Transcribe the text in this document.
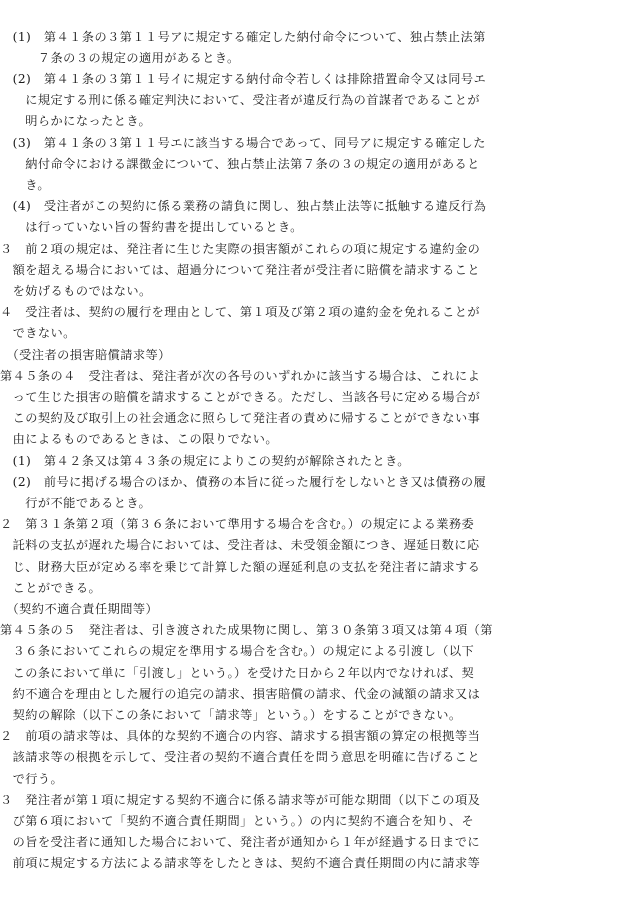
　(1)　第４１条の３第１１号アに規定する確定した納付命令について、独占禁止法第
　　　７条の３の規定の適用があるとき。
　(2)　第４１条の３第１１号イに規定する納付命令若しくは排除措置命令又は同号エ
　　に規定する刑に係る確定判決において、受注者が違反行為の首謀者であることが
　　明らかになったとき。
　(3)　第４１条の３第１１号エに該当する場合であって、同号アに規定する確定した
　　納付命令における課徴金について、独占禁止法第７条の３の規定の適用があると
　　き。
　(4)　受注者がこの契約に係る業務の請負に関し、独占禁止法等に抵触する違反行為
　　は行っていない旨の誓約書を提出しているとき。
３　前２項の規定は、発注者に生じた実際の損害額がこれらの項に規定する違約金の
　額を超える場合においては、超過分について発注者が受注者に賠償を請求すること
　を妨げるものではない。
４　受注者は、契約の履行を理由として、第１項及び第２項の違約金を免れることが
　できない。
　（受注者の損害賠償請求等）
第４５条の４　受注者は、発注者が次の各号のいずれかに該当する場合は、これによ
　って生じた損害の賠償を請求することができる。ただし、当該各号に定める場合が
　この契約及び取引上の社会通念に照らして発注者の責めに帰することができない事
　由によるものであるときは、この限りでない。
　(1)　第４２条又は第４３条の規定によりこの契約が解除されたとき。
　(2)　前号に掲げる場合のほか、債務の本旨に従った履行をしないとき又は債務の履
　　行が不能であるとき。
２　第３１条第２項（第３６条において準用する場合を含む。）の規定による業務委
　託料の支払が遅れた場合においては、受注者は、未受領金額につき、遅延日数に応
　じ、財務大臣が定める率を乗じて計算した額の遅延利息の支払を発注者に請求する
　ことができる。
　（契約不適合責任期間等）
第４５条の５　発注者は、引き渡された成果物に関し、第３０条第３項又は第４項（第
　３６条においてこれらの規定を準用する場合を含む。）の規定による引渡し（以下
　この条において単に「引渡し」という。）を受けた日から２年以内でなければ、契
　約不適合を理由とした履行の追完の請求、損害賠償の請求、代金の減額の請求又は
　契約の解除（以下この条において「請求等」という。）をすることができない。
２　前項の請求等は、具体的な契約不適合の内容、請求する損害額の算定の根拠等当
　該請求等の根拠を示して、受注者の契約不適合責任を問う意思を明確に告げること
　で行う。
３　発注者が第１項に規定する契約不適合に係る請求等が可能な期間（以下この項及
　び第６項において「契約不適合責任期間」という。）の内に契約不適合を知り、そ
　の旨を受注者に通知した場合において、発注者が通知から１年が経過する日までに
　前項に規定する方法による請求等をしたときは、契約不適合責任期間の内に請求等
